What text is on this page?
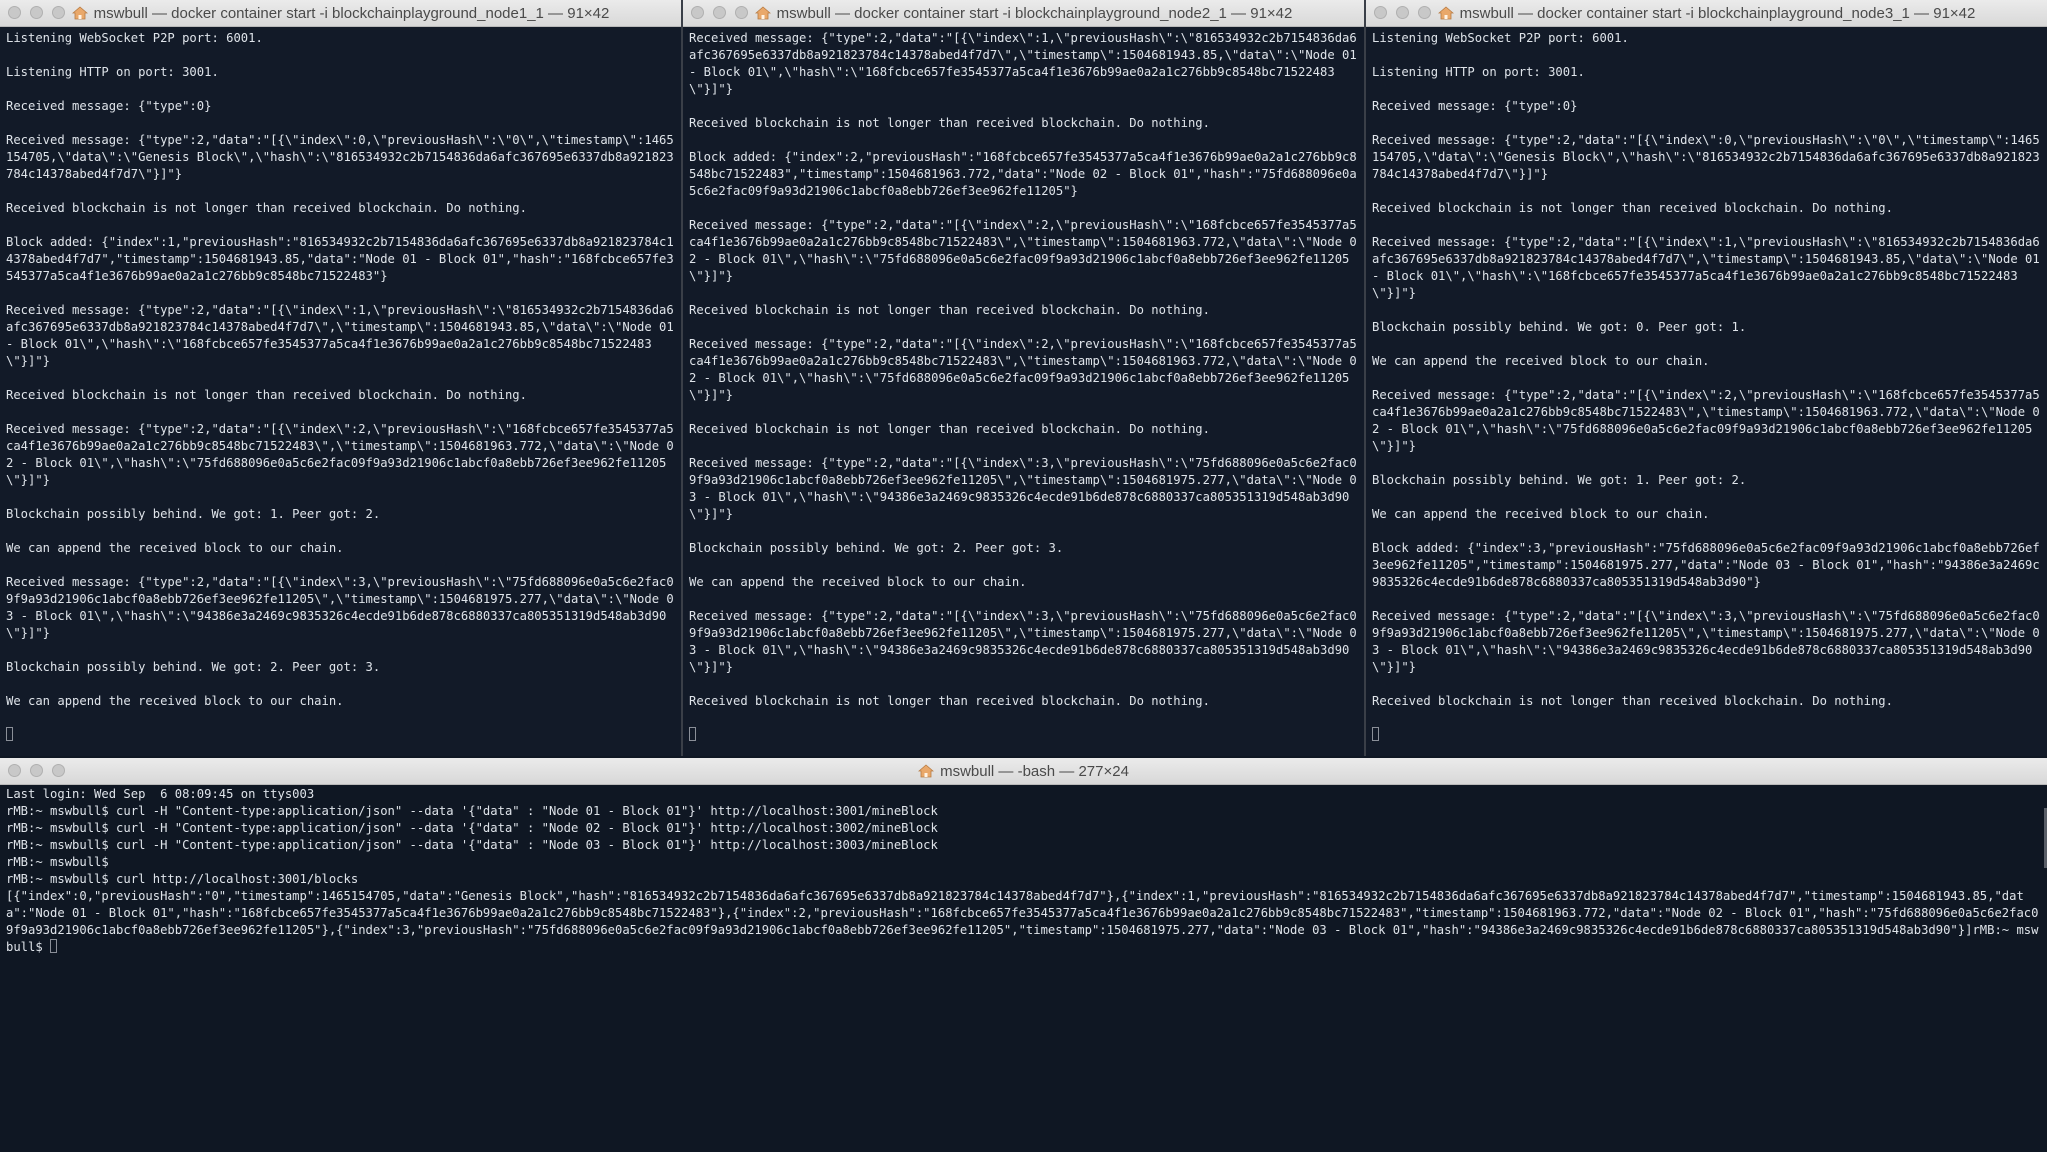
mswbull — docker container start -i blockchainplayground_node1_1 — 91×42
Listening WebSocket P2P port: 6001.
Listening HTTP on port: 3001.
Received message: {"type":0}
Received message: {"type":2,"data":"[{\"index\":0,\"previousHash\":\"0\",\"timestamp\":1465154705,\"data\":\"Genesis Block\",\"hash\":\"816534932c2b7154836da6afc367695e6337db8a921823784c14378abed4f7d7\"}]"}
Received blockchain is not longer than received blockchain. Do nothing.
Block added: {"index":1,"previousHash":"816534932c2b7154836da6afc367695e6337db8a921823784c14378abed4f7d7","timestamp":1504681943.85,"data":"Node 01 - Block 01","hash":"168fcbce657fe3545377a5ca4f1e3676b99ae0a2a1c276bb9c8548bc71522483"}
Received message: {"type":2,"data":"[{\"index\":1,\"previousHash\":\"816534932c2b7154836da6afc367695e6337db8a921823784c14378abed4f7d7\",\"timestamp\":1504681943.85,\"data\":\"Node 01 - Block 01\",\"hash\":\"168fcbce657fe3545377a5ca4f1e3676b99ae0a2a1c276bb9c8548bc71522483\"}]"}
Received blockchain is not longer than received blockchain. Do nothing.
Received message: {"type":2,"data":"[{\"index\":2,\"previousHash\":\"168fcbce657fe3545377a5ca4f1e3676b99ae0a2a1c276bb9c8548bc71522483\",\"timestamp\":1504681963.772,\"data\":\"Node 02 - Block 01\",\"hash\":\"75fd688096e0a5c6e2fac09f9a93d21906c1abcf0a8ebb726ef3ee962fe11205\"}]"}
Blockchain possibly behind. We got: 1. Peer got: 2.
We can append the received block to our chain.
Received message: {"type":2,"data":"[{\"index\":3,\"previousHash\":\"75fd688096e0a5c6e2fac09f9a93d21906c1abcf0a8ebb726ef3ee962fe11205\",\"timestamp\":1504681975.277,\"data\":\"Node 03 - Block 01\",\"hash\":\"94386e3a2469c9835326c4ecde91b6de878c6880337ca805351319d548ab3d90\"}]"}
Blockchain possibly behind. We got: 2. Peer got: 3.
We can append the received block to our chain.
mswbull — docker container start -i blockchainplayground_node2_1 — 91×42
Received message: {"type":2,"data":"[{\"index\":1,\"previousHash\":\"816534932c2b7154836da6afc367695e6337db8a921823784c14378abed4f7d7\",\"timestamp\":1504681943.85,\"data\":\"Node 01 - Block 01\",\"hash\":\"168fcbce657fe3545377a5ca4f1e3676b99ae0a2a1c276bb9c8548bc71522483\"}]"}
Received blockchain is not longer than received blockchain. Do nothing.
Block added: {"index":2,"previousHash":"168fcbce657fe3545377a5ca4f1e3676b99ae0a2a1c276bb9c8548bc71522483","timestamp":1504681963.772,"data":"Node 02 - Block 01","hash":"75fd688096e0a5c6e2fac09f9a93d21906c1abcf0a8ebb726ef3ee962fe11205"}
Received message: {"type":2,"data":"[{\"index\":2,\"previousHash\":\"168fcbce657fe3545377a5ca4f1e3676b99ae0a2a1c276bb9c8548bc71522483\",\"timestamp\":1504681963.772,\"data\":\"Node 02 - Block 01\",\"hash\":\"75fd688096e0a5c6e2fac09f9a93d21906c1abcf0a8ebb726ef3ee962fe11205\"}]"}
Received blockchain is not longer than received blockchain. Do nothing.
Received message: {"type":2,"data":"[{\"index\":2,\"previousHash\":\"168fcbce657fe3545377a5ca4f1e3676b99ae0a2a1c276bb9c8548bc71522483\",\"timestamp\":1504681963.772,\"data\":\"Node 02 - Block 01\",\"hash\":\"75fd688096e0a5c6e2fac09f9a93d21906c1abcf0a8ebb726ef3ee962fe11205\"}]"}
Received blockchain is not longer than received blockchain. Do nothing.
Received message: {"type":2,"data":"[{\"index\":3,\"previousHash\":\"75fd688096e0a5c6e2fac09f9a93d21906c1abcf0a8ebb726ef3ee962fe11205\",\"timestamp\":1504681975.277,\"data\":\"Node 03 - Block 01\",\"hash\":\"94386e3a2469c9835326c4ecde91b6de878c6880337ca805351319d548ab3d90\"}]"}
Blockchain possibly behind. We got: 2. Peer got: 3.
We can append the received block to our chain.
Received message: {"type":2,"data":"[{\"index\":3,\"previousHash\":\"75fd688096e0a5c6e2fac09f9a93d21906c1abcf0a8ebb726ef3ee962fe11205\",\"timestamp\":1504681975.277,\"data\":\"Node 03 - Block 01\",\"hash\":\"94386e3a2469c9835326c4ecde91b6de878c6880337ca805351319d548ab3d90\"}]"}
Received blockchain is not longer than received blockchain. Do nothing.
mswbull — docker container start -i blockchainplayground_node3_1 — 91×42
Listening WebSocket P2P port: 6001.
Listening HTTP on port: 3001.
Received message: {"type":0}
Received message: {"type":2,"data":"[{\"index\":0,\"previousHash\":\"0\",\"timestamp\":1465154705,\"data\":\"Genesis Block\",\"hash\":\"816534932c2b7154836da6afc367695e6337db8a921823784c14378abed4f7d7\"}]"}
Received blockchain is not longer than received blockchain. Do nothing.
Received message: {"type":2,"data":"[{\"index\":1,\"previousHash\":\"816534932c2b7154836da6afc367695e6337db8a921823784c14378abed4f7d7\",\"timestamp\":1504681943.85,\"data\":\"Node 01 - Block 01\",\"hash\":\"168fcbce657fe3545377a5ca4f1e3676b99ae0a2a1c276bb9c8548bc71522483\"}]"}
Blockchain possibly behind. We got: 0. Peer got: 1.
We can append the received block to our chain.
Received message: {"type":2,"data":"[{\"index\":2,\"previousHash\":\"168fcbce657fe3545377a5ca4f1e3676b99ae0a2a1c276bb9c8548bc71522483\",\"timestamp\":1504681963.772,\"data\":\"Node 02 - Block 01\",\"hash\":\"75fd688096e0a5c6e2fac09f9a93d21906c1abcf0a8ebb726ef3ee962fe11205\"}]"}
Blockchain possibly behind. We got: 1. Peer got: 2.
We can append the received block to our chain.
Block added: {"index":3,"previousHash":"75fd688096e0a5c6e2fac09f9a93d21906c1abcf0a8ebb726ef3ee962fe11205","timestamp":1504681975.277,"data":"Node 03 - Block 01","hash":"94386e3a2469c9835326c4ecde91b6de878c6880337ca805351319d548ab3d90"}
Received message: {"type":2,"data":"[{\"index\":3,\"previousHash\":\"75fd688096e0a5c6e2fac09f9a93d21906c1abcf0a8ebb726ef3ee962fe11205\",\"timestamp\":1504681975.277,\"data\":\"Node 03 - Block 01\",\"hash\":\"94386e3a2469c9835326c4ecde91b6de878c6880337ca805351319d548ab3d90\"}]"}
Received blockchain is not longer than received blockchain. Do nothing.
mswbull — -bash — 277×24
Last login: Wed Sep  6 08:09:45 on ttys003
rMB:~ mswbull$ curl -H "Content-type:application/json" --data '{"data" : "Node 01 - Block 01"}' http://localhost:3001/mineBlock
rMB:~ mswbull$ curl -H "Content-type:application/json" --data '{"data" : "Node 02 - Block 01"}' http://localhost:3002/mineBlock
rMB:~ mswbull$ curl -H "Content-type:application/json" --data '{"data" : "Node 03 - Block 01"}' http://localhost:3003/mineBlock
rMB:~ mswbull$
rMB:~ mswbull$ curl http://localhost:3001/blocks
[{"index":0,"previousHash":"0","timestamp":1465154705,"data":"Genesis Block","hash":"816534932c2b7154836da6afc367695e6337db8a921823784c14378abed4f7d7"},{"index":1,"previousHash":"816534932c2b7154836da6afc367695e6337db8a921823784c14378abed4f7d7","timestamp":1504681943.85,"data":"Node 01 - Block 01","hash":"168fcbce657fe3545377a5ca4f1e3676b99ae0a2a1c276bb9c8548bc71522483"},{"index":2,"previousHash":"168fcbce657fe3545377a5ca4f1e3676b99ae0a2a1c276bb9c8548bc71522483","timestamp":1504681963.772,"data":"Node 02 - Block 01","hash":"75fd688096e0a5c6e2fac09f9a93d21906c1abcf0a8ebb726ef3ee962fe11205"},{"index":3,"previousHash":"75fd688096e0a5c6e2fac09f9a93d21906c1abcf0a8ebb726ef3ee962fe11205","timestamp":1504681975.277,"data":"Node 03 - Block 01","hash":"94386e3a2469c9835326c4ecde91b6de878c6880337ca805351319d548ab3d90"}]rMB:~ mswbull$
